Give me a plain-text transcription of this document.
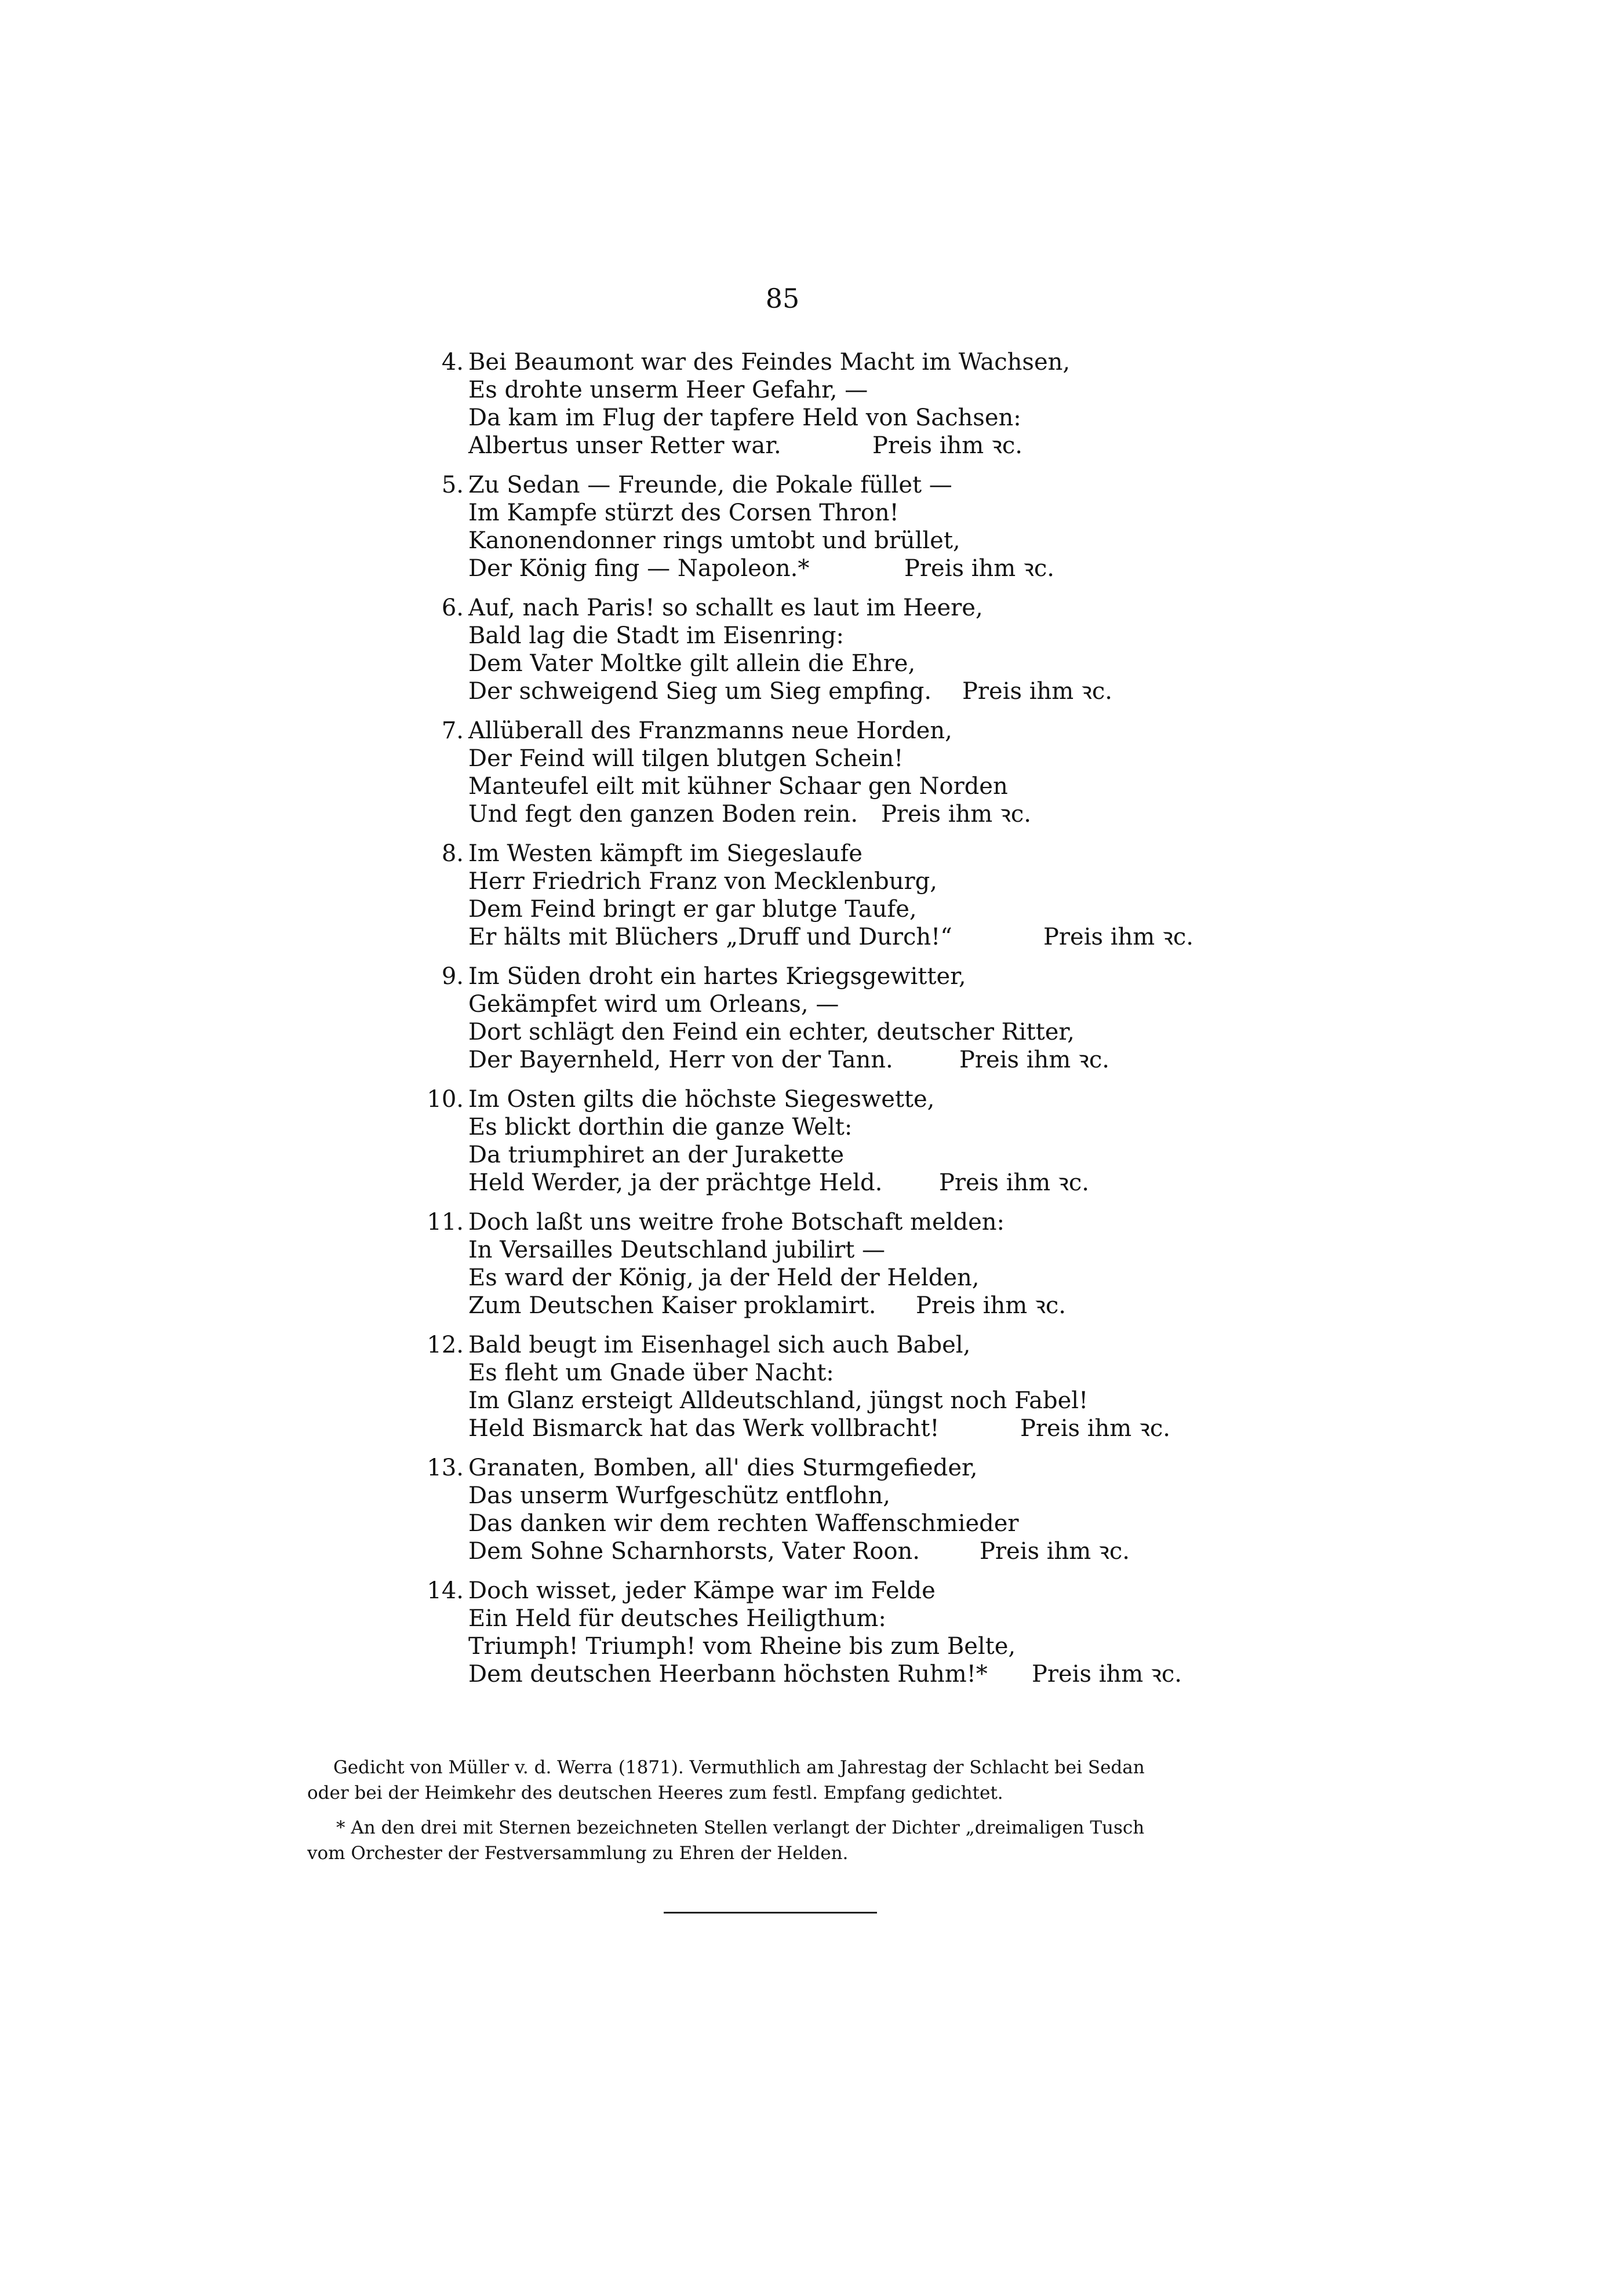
85
4. Bei Beaumont war des Feindes Macht im Wachsen,
Es drohte unserm Heer Gefahr, —
Da kam im Flug der tapfere Held von Sachsen:
Albertus unser Retter war.	Preis ihm ꝛc.
5. Zu Sedan — Freunde, die Pokale füllet —
Im Kampfe stürzt des Corsen Thron!
Kanonendonner rings umtobt und brüllet,
Der König fing — Napoleon.*	Preis ihm ꝛc.
6. Auf, nach Paris! so schallt es laut im Heere,
Bald lag die Stadt im Eisenring:
Dem Vater Moltke gilt allein die Ehre,
Der schweigend Sieg um Sieg empfing. Preis ihm ꝛc.
7. Allüberall des Franzmanns neue Horden,
Der Feind will tilgen blutgen Schein!
Manteufel eilt mit kühner Schaar gen Norden
Und fegt den ganzen Boden rein. Preis ihm ꝛc.
8. Im Westen kämpft im Siegeslaufe
Herr Friedrich Franz von Mecklenburg,
Dem Feind bringt er gar blutge Taufe,
Er hälts mit Blüchers „Druff und Durch!“	Preis ihm ꝛc.
9. Im Süden droht ein hartes Kriegsgewitter,
Gekämpfet wird um Orleans, —
Dort schlägt den Feind ein echter, deutscher Ritter,
Der Bayernheld, Herr von der Tann.	Preis ihm ꝛc.
10. Im Osten gilts die höchste Siegeswette,
Es blickt dorthin die ganze Welt:
Da triumphiret an der Jurakette
Held Werder, ja der prächtge Held. Preis ihm ꝛc.
11. Doch laßt uns weitre frohe Botschaft melden:
In Versailles Deutschland jubilirt —
Es ward der König, ja der Held der Helden,
Zum Deutschen Kaiser proklamirt. Preis ihm ꝛc.
12. Bald beugt im Eisenhagel sich auch Babel,
Es fleht um Gnade über Nacht:
Im Glanz ersteigt Alldeutschland, jüngst noch Fabel!
Held Bismarck hat das Werk vollbracht!	Preis ihm ꝛc.
13. Granaten, Bomben, all' dies Sturmgefieder,
Das unserm Wurfgeschütz entflohn,
Das danken wir dem rechten Waffenschmieder
Dem Sohne Scharnhorsts, Vater Roon.	Preis ihm ꝛc.
14. Doch wisset, jeder Kämpe war im Felde
Ein Held für deutsches Heiligthum:
Triumph! Triumph! vom Rheine bis zum Belte,
Dem deutschen Heerbann höchsten Ruhm!* Preis ihm ꝛc.
Gedicht von Müller v. d. Werra (1871). Vermuthlich am Jahrestag der Schlacht bei Sedan
oder bei der Heimkehr des deutschen Heeres zum festl. Empfang gedichtet.
* An den drei mit Sternen bezeichneten Stellen verlangt der Dichter „dreimaligen Tusch
vom Orchester der Festversammlung zu Ehren der Helden.
